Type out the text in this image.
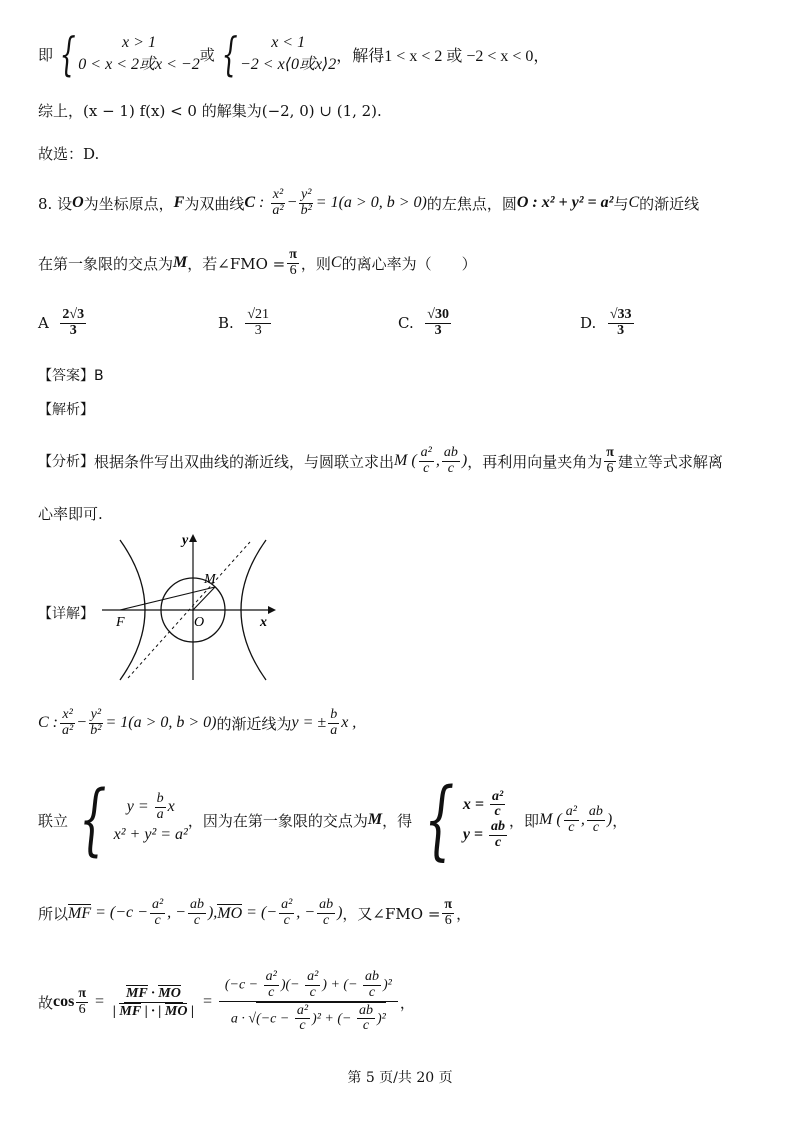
即 {	x > 1
0 < x < 2或x < −2
或 {	x < 1
−2 < x⟨0或x⟩2 ，解得1 < x < 2 或 −2 < x < 0，
综上，(x − 1) f(x) < 0 的解集为(−2, 0) ∪ (1, 2).
故选：D.
8. 设 O 为坐标原点， F 为双曲线 C : $\frac{\text{x²}}{\text{a²}} - \frac{\text{y²}}{\text{b²}} = 1(a > 0$, b > 0) 的左焦点，圆 O : x² + y² = a² 与 C 的渐近线
在第一象限的交点为 M ，若∠FMO = $\frac{\pi}{6}$ ，则 C 的离心率为（　　）
A
$\frac{2√3}{3}$	B.
$\frac{√21}{3}$	C.
$\frac{√30}{3}$	D.
$\frac{√33}{3}$
【答案】B
【解析】
【分析】 根据条件写出双曲线的渐近线，与圆联立求出 M ( $\frac{\text{a²}}{c}$ , $\frac{ab}{c}$ ) ，再利用向量夹角为 $\frac{\pi}{6}$ 建立等式求解离
心率即可.
【详解】
y
x
M
F	O
C : $\frac{\text{x²}}{\text{a²}} - \frac{\text{y²}}{\text{b²}} = 1(a > 0$, b > 0) 的渐近线为 y = ± $\frac{b}{a}$ x ,
联立 {	$y = \frac{b}{a}$ x
x² + y² = a²
，因为在第一象限的交点为 M ，得 { $x = \frac{\text{a²}}{c}$
$y = \frac{ab}{c}$ ，即 M ( $\frac{\text{a²}}{c}$ , $\frac{ab}{c}$ ) ，
所以 MF = ($-c - \frac{\text{a²}}{c}$ , − $\frac{ab}{c}$ ), MO = (− $\frac{\text{a²}}{c}$ , − $\frac{ab}{c}$ ) ，又∠FMO = $\frac{\pi}{6}$ ，
故 $\cos \frac{\pi}{6} = \frac{MF \cdot MO}{| MF | \cdot | MO |} = \frac{(-c - \frac{\text{a²}}{c} )(- \frac{\text{a²}}{c} ) + (- \frac{ab}{c} )^2}{a \cdot √(-c - \frac{\text{a²}}{c} )^2 + (- \frac{ab}{c} )^2}$ ，
第 5 页/共 20 页
